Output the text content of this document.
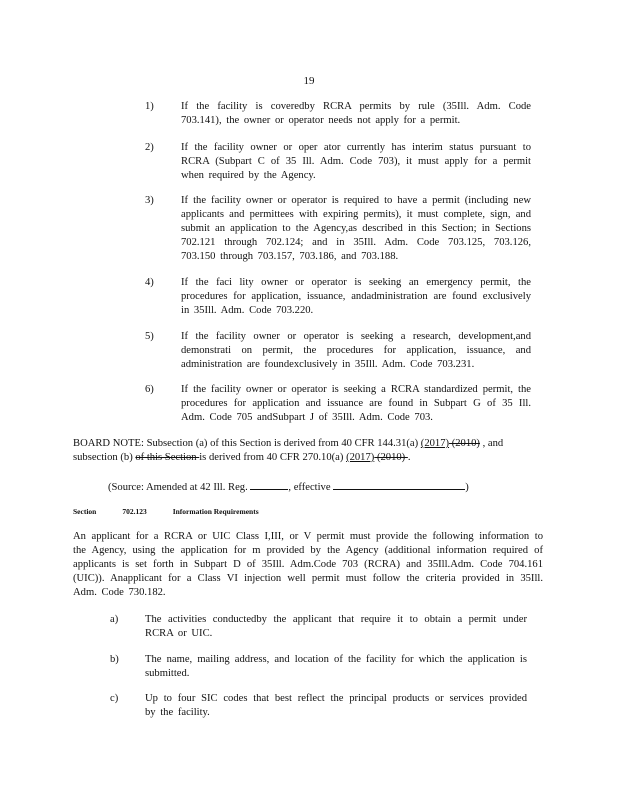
19
1)	If the facility is coveredby RCRA permits by rule (35Ill. Adm. Code 703.141), the owner or operator needs not apply for a permit.
2)	If the facility owner or oper ator currently has interim status pursuant to RCRA (Subpart C of 35 Ill. Adm. Code 703), it must apply for a permit when required by the Agency.
3)	If the facility owner or operator is required to have a permit (including new applicants and permittees with expiring permits), it must complete, sign, and submit an application to the Agency,as described in this Section; in Sections 702.121 through 702.124; and in 35Ill. Adm. Code 703.125, 703.126, 703.150 through 703.157, 703.186, and 703.188.
4)	If the faci lity owner or operator is seeking an emergency permit, the procedures for application, issuance, andadministration are found exclusively in 35Ill. Adm. Code 703.220.
5)	If the facility owner or operator is seeking a research, development,and demonstrati on permit, the procedures for application, issuance, and administration are foundexclusively in 35Ill. Adm. Code 703.231.
6)	If the facility owner or operator is seeking a RCRA standardized permit, the procedures for application and issuance are found in Subpart G of 35 Ill. Adm. Code 705 andSubpart J of 35Ill. Adm. Code 703.
BOARD NOTE: Subsection (a) of this Section is derived from 40 CFR 144.31(a) (2017) (2010) , and subsection (b) of this Section is derived from 40 CFR 270.10(a) (2017) (2010) .
(Source: Amended at 42 Ill. Reg.	, effective	)
Section	702.123	Information Requirements
An applicant for a RCRA or UIC Class I,III, or V permit must provide the following information to the Agency, using the application for m provided by the Agency (additional information required of applicants is set forth in Subpart D of 35Ill. Adm.Code 703 (RCRA) and 35Ill.Adm. Code 704.161 (UIC)). Anapplicant for a Class VI injection well permit must follow the criteria provided in 35Ill. Adm. Code 730.182.
a)	The activities conductedby the applicant that require it to obtain a permit under RCRA or UIC.
b)	The name, mailing address, and location of the facility for which the application is submitted.
c)	Up to four SIC codes that best reflect the principal products or services provided by the facility.
